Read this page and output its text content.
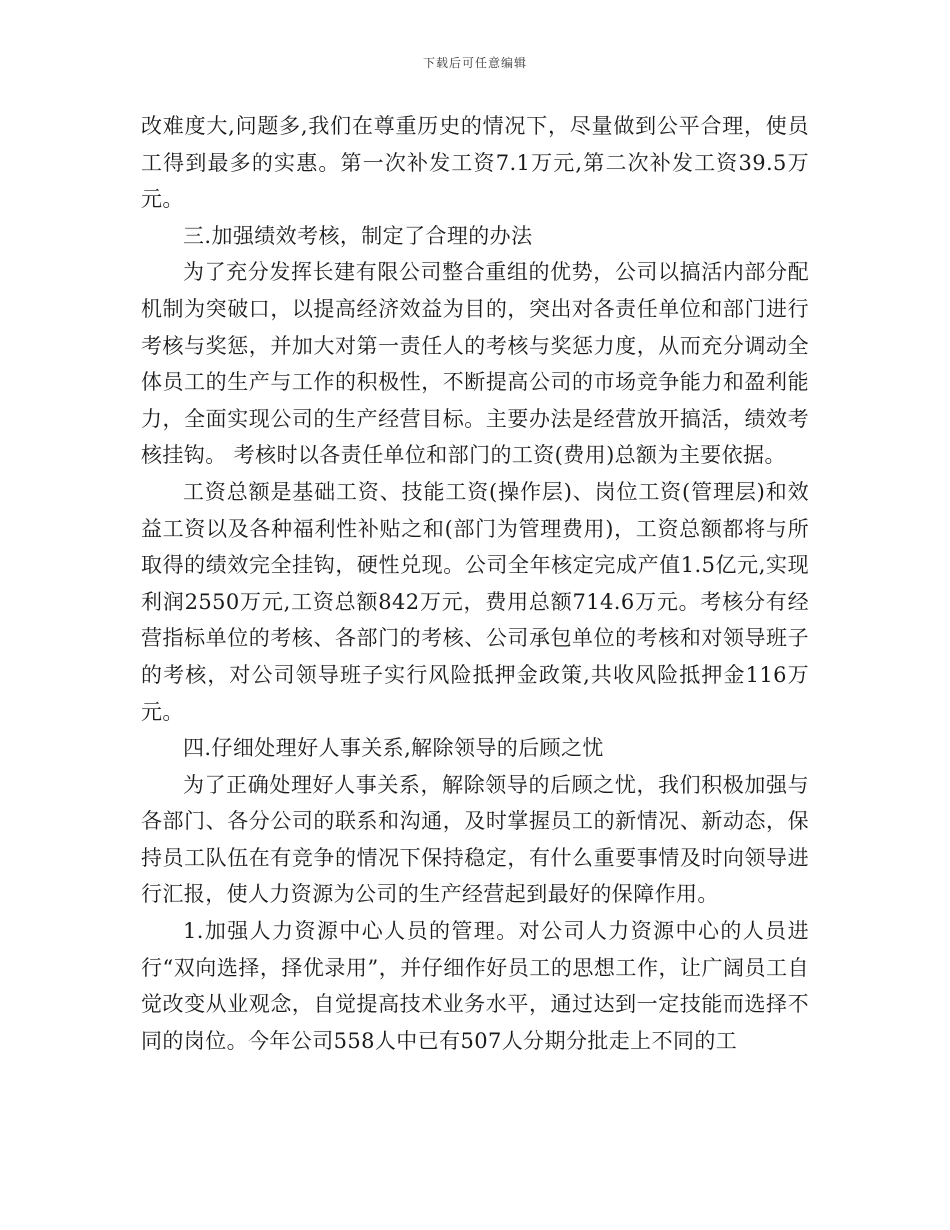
下载后可任意编辑

改难度大,问题多,我们在尊重历史的情况下，尽量做到公平合理，使员工得到最多的实惠。第一次补发工资7.1万元,第二次补发工资39.5万元。

三.加强绩效考核，制定了合理的办法

为了充分发挥长建有限公司整合重组的优势，公司以搞活内部分配机制为突破口，以提高经济效益为目的，突出对各责任单位和部门进行考核与奖惩，并加大对第一责任人的考核与奖惩力度，从而充分调动全体员工的生产与工作的积极性，不断提高公司的市场竞争能力和盈利能力，全面实现公司的生产经营目标。主要办法是经营放开搞活，绩效考核挂钩。 考核时以各责任单位和部门的工资(费用)总额为主要依据。

工资总额是基础工资、技能工资(操作层)、岗位工资(管理层)和效益工资以及各种福利性补贴之和(部门为管理费用)，工资总额都将与所取得的绩效完全挂钩，硬性兑现。公司全年核定完成产值1.5亿元,实现利润2550万元,工资总额842万元，费用总额714.6万元。考核分有经营指标单位的考核、各部门的考核、公司承包单位的考核和对领导班子的考核，对公司领导班子实行风险抵押金政策,共收风险抵押金116万元。

四.仔细处理好人事关系,解除领导的后顾之忧

为了正确处理好人事关系，解除领导的后顾之忧，我们积极加强与各部门、各分公司的联系和沟通，及时掌握员工的新情况、新动态，保持员工队伍在有竞争的情况下保持稳定，有什么重要事情及时向领导进行汇报，使人力资源为公司的生产经营起到最好的保障作用。

1.加强人力资源中心人员的管理。对公司人力资源中心的人员进行“双向选择，择优录用”，并仔细作好员工的思想工作，让广阔员工自觉改变从业观念，自觉提高技术业务水平，通过达到一定技能而选择不同的岗位。今年公司558人中已有507人分期分批走上不同的工
